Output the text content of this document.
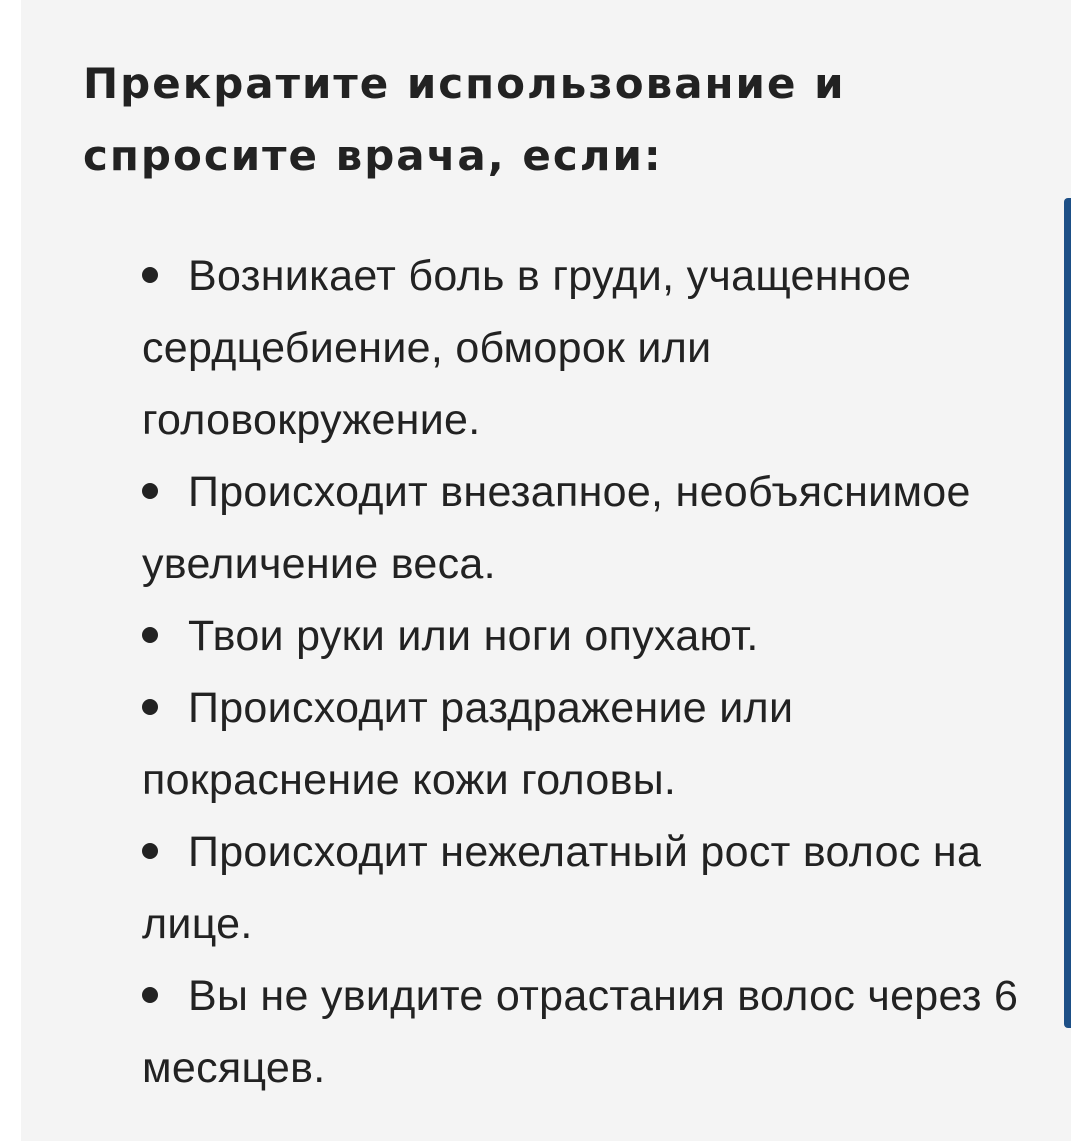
Прекратите использование и спросите врача, если:
Возникает боль в груди, учащенное сердцебиение, обморок или головокружение.
Происходит внезапное, необъяснимое увеличение веса.
Твои руки или ноги опухают.
Происходит раздражение или покраснение кожи головы.
Происходит нежелатный рост волос на лице.
Вы не увидите отрастания волос через 6 месяцев.
